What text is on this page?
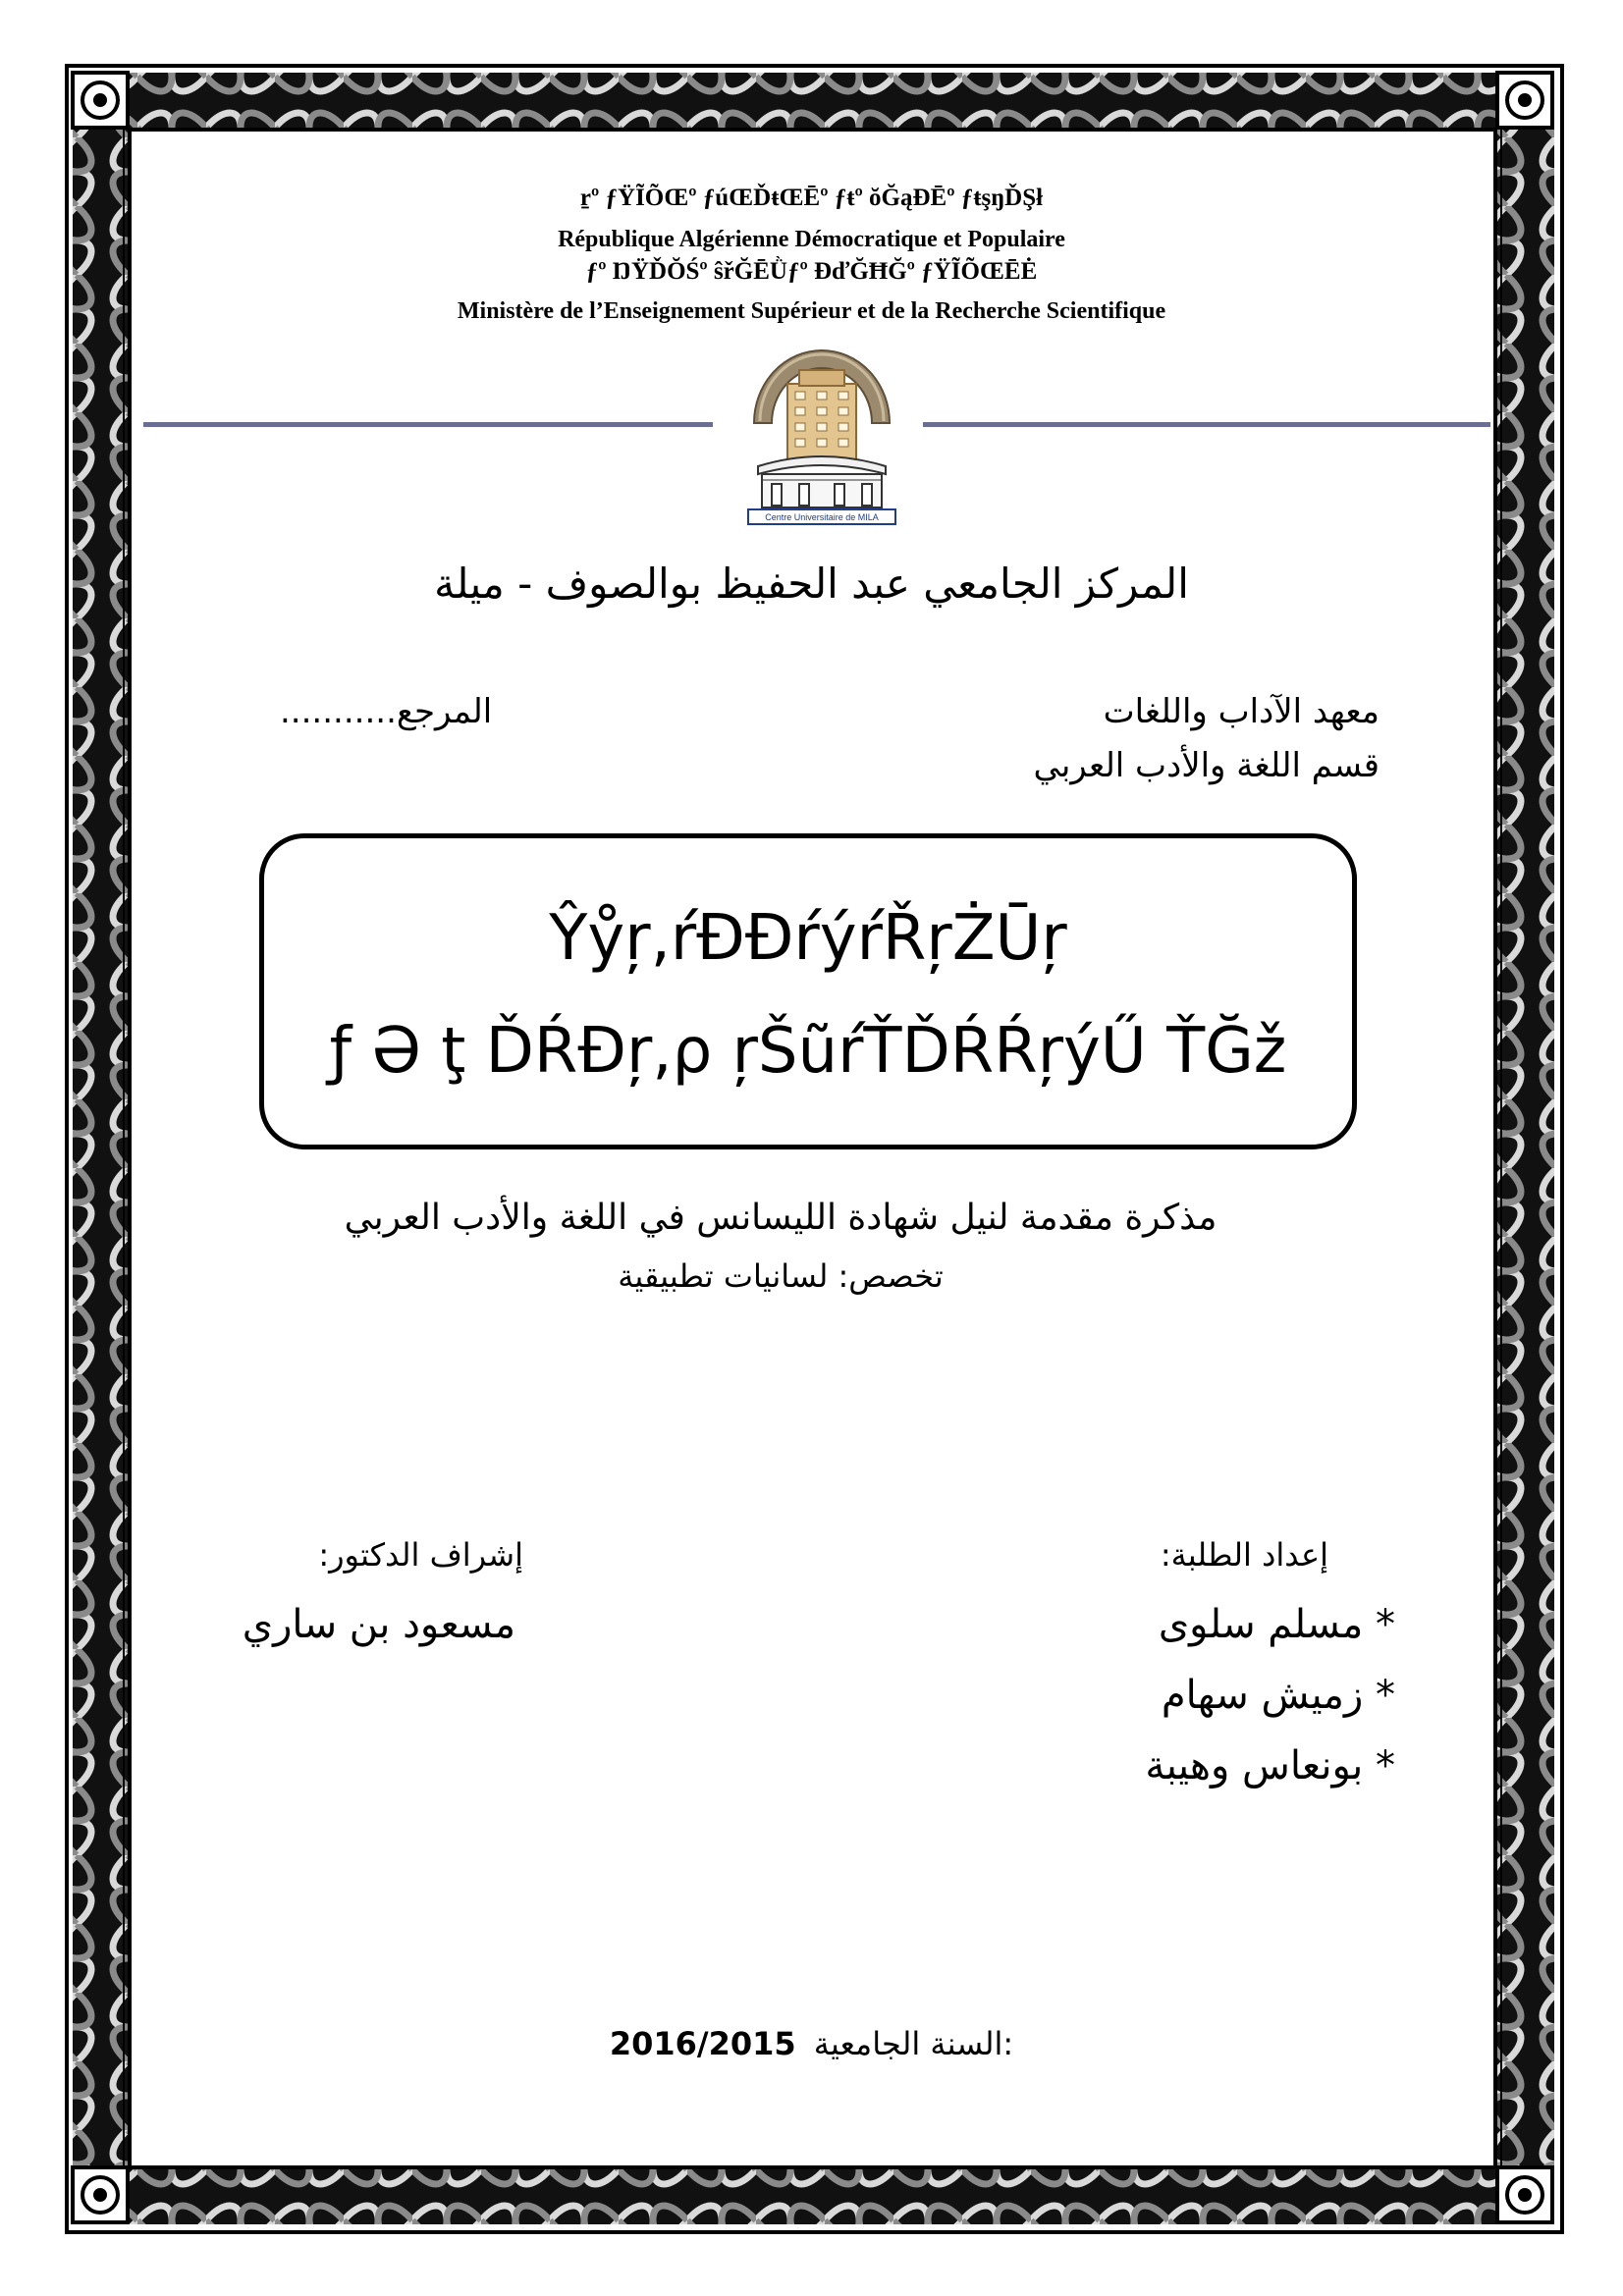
ṟº ƒŸĨÕŒº ƒúŒĎŧŒĒº ƒŧº ŏĞąĐĒº ƒŧşŋĎŞł
République Algérienne Démocratique et Populaire
ƒº ŊŸĎŎŚº ŝřĞĒǛƒº ĐďĞĦĞº ƒŸĨÕŒĒĖ
Ministère de l’Enseignement Supérieur et de la Recherche Scientifique
Centre Universitaire de MILA
المركز الجامعي عبد الحفيظ بوالصوف - ميلة
معهد الآداب واللغات
المرجع...........
قسم اللغة والأدب العربي
Ŷẙŗ,ŕĐĐŕýŕŘŗŻŪŗ
ƒ Ə ţ ĎŔĐŗ,ρ ŗŠũŕŤĎŔŔŗýŰ ŤĞž
مذكرة مقدمة لنيل شهادة الليسانس في اللغة والأدب العربي
تخصص: لسانيات تطبيقية
إعداد الطلبة:
* مسلم سلوى
* زميش سهام
* بونعاس وهيبة
إشراف الدكتور:
مسعود بن ساري
2016/2015 السنة الجامعية:
